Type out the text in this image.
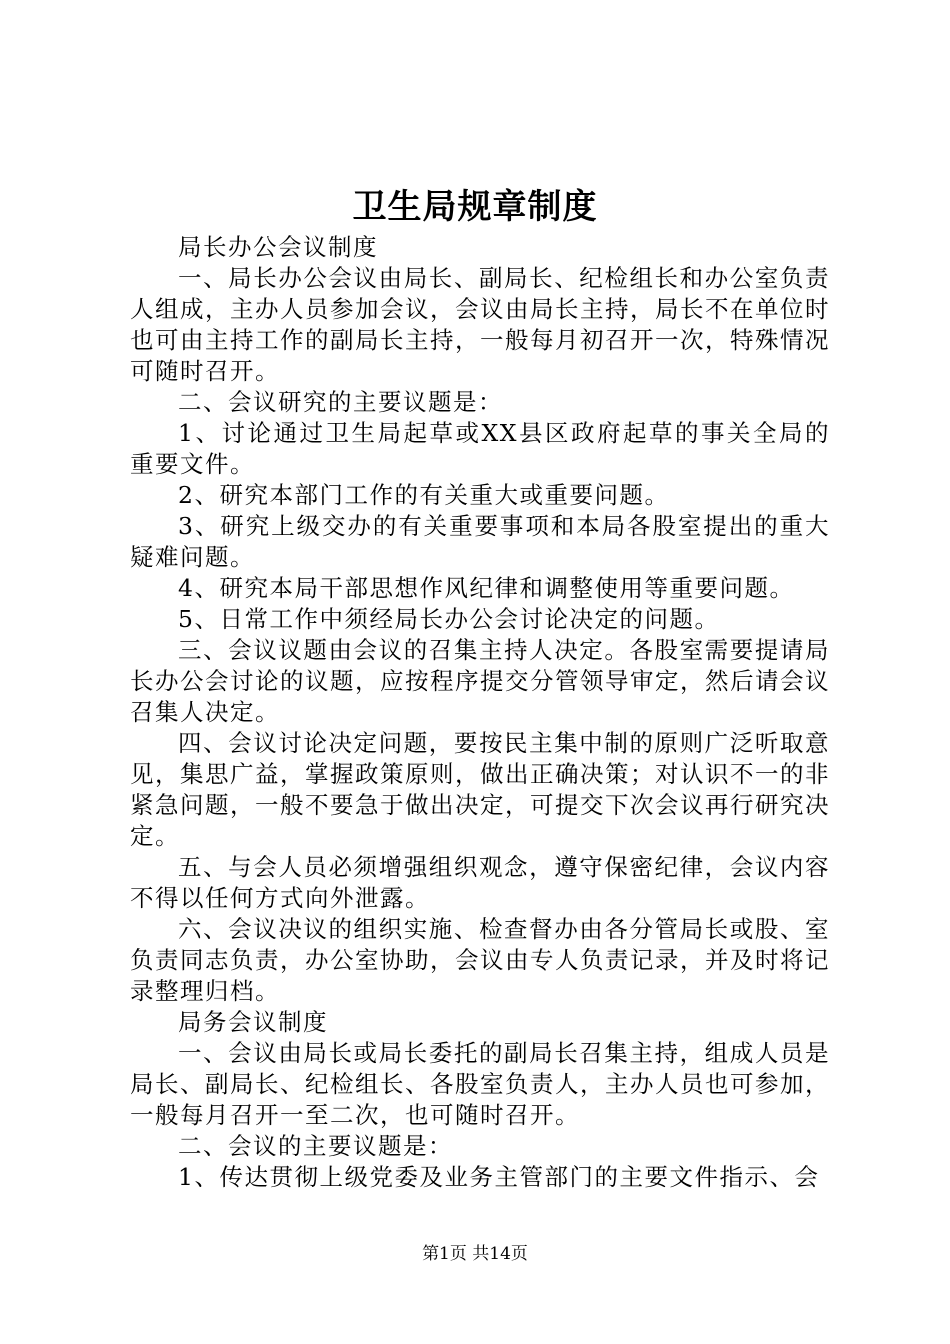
卫生局规章制度

局长办公会议制度

一、局长办公会议由局长、副局长、纪检组长和办公室负责人组成，主办人员参加会议，会议由局长主持，局长不在单位时也可由主持工作的副局长主持，一般每月初召开一次，特殊情况可随时召开。

二、会议研究的主要议题是：

1、讨论通过卫生局起草或XX县区政府起草的事关全局的重要文件。

2、研究本部门工作的有关重大或重要问题。

3、研究上级交办的有关重要事项和本局各股室提出的重大疑难问题。

4、研究本局干部思想作风纪律和调整使用等重要问题。

5、日常工作中须经局长办公会讨论决定的问题。

三、会议议题由会议的召集主持人决定。各股室需要提请局长办公会讨论的议题，应按程序提交分管领导审定，然后请会议召集人决定。

四、会议讨论决定问题，要按民主集中制的原则广泛听取意见，集思广益，掌握政策原则，做出正确决策；对认识不一的非紧急问题，一般不要急于做出决定，可提交下次会议再行研究决定。

五、与会人员必须增强组织观念，遵守保密纪律，会议内容不得以任何方式向外泄露。

六、会议决议的组织实施、检查督办由各分管局长或股、室负责同志负责，办公室协助，会议由专人负责记录，并及时将记录整理归档。

局务会议制度

一、会议由局长或局长委托的副局长召集主持，组成人员是局长、副局长、纪检组长、各股室负责人，主办人员也可参加，一般每月召开一至二次，也可随时召开。

二、会议的主要议题是：

1、传达贯彻上级党委及业务主管部门的主要文件指示、会

第1页 共14页
